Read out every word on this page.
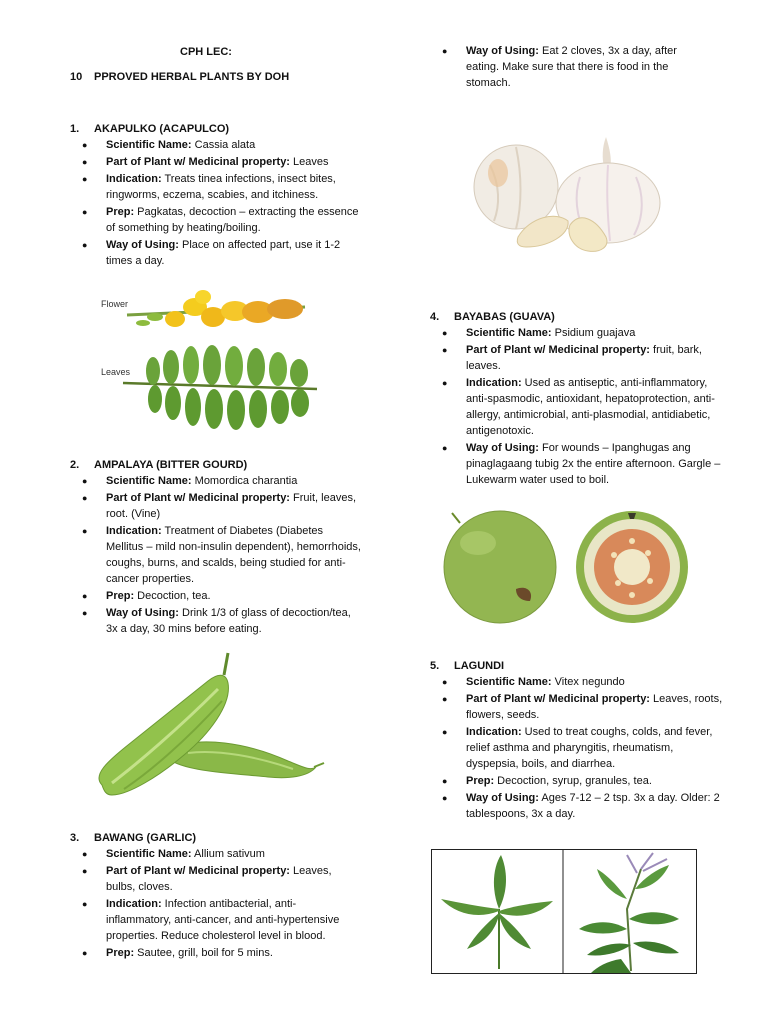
CPH LEC:
10 PPROVED HERBAL PLANTS BY DOH
1. AKAPULKO (ACAPULCO)
● Scientific Name: Cassia alata
● Part of Plant w/ Medicinal property: Leaves
● Indication: Treats tinea infections, insect bites, ringworms, eczema, scabies, and itchiness.
● Prep: Pagkatas, decoction – extracting the essence of something by heating/boiling.
● Way of Using: Place on affected part, use it 1-2 times a day.
Flower
Leaves
2. AMPALAYA (BITTER GOURD)
● Scientific Name: Momordica charantia
● Part of Plant w/ Medicinal property: Fruit, leaves, root. (Vine)
● Indication: Treatment of Diabetes (Diabetes Mellitus – mild non-insulin dependent), hemorrhoids, coughs, burns, and scalds, being studied for anti-cancer properties.
● Prep: Decoction, tea.
● Way of Using: Drink 1/3 of glass of decoction/tea, 3x a day, 30 mins before eating.
3. BAWANG (GARLIC)
● Scientific Name: Allium sativum
● Part of Plant w/ Medicinal property: Leaves, bulbs, cloves.
● Indication: Infection antibacterial, anti-inflammatory, anti-cancer, and anti-hypertensive properties. Reduce cholesterol level in blood.
● Prep: Sautee, grill, boil for 5 mins.
● Way of Using: Eat 2 cloves, 3x a day, after eating. Make sure that there is food in the stomach.
4. BAYABAS (GUAVA)
● Scientific Name: Psidium guajava
● Part of Plant w/ Medicinal property: fruit, bark, leaves.
● Indication: Used as antiseptic, anti-inflammatory, anti-spasmodic, antioxidant, hepatoprotection, anti-allergy, antimicrobial, anti-plasmodial, antidiabetic, antigenotoxic.
● Way of Using: For wounds – Ipanghugas ang pinaglagaang tubig 2x the entire afternoon. Gargle – Lukewarm water used to boil.
5. LAGUNDI
● Scientific Name: Vitex negundo
● Part of Plant w/ Medicinal property: Leaves, roots, flowers, seeds.
● Indication: Used to treat coughs, colds, and fever, relief asthma and pharyngitis, rheumatism, dyspepsia, boils, and diarrhea.
● Prep: Decoction, syrup, granules, tea.
● Way of Using: Ages 7-12 – 2 tsp. 3x a day. Older: 2 tablespoons, 3x a day.
